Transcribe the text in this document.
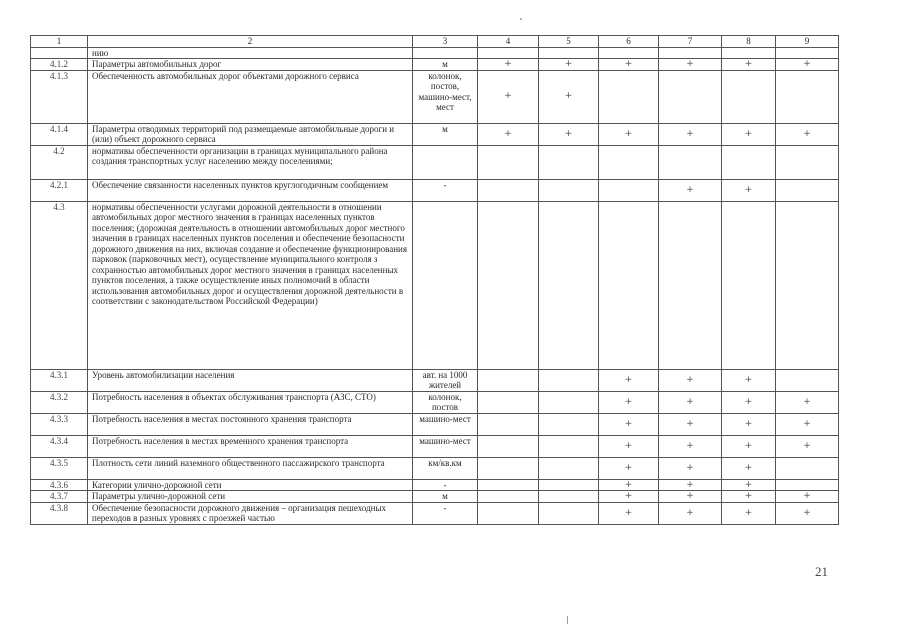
1	2	3	4	5	6	7	8	9
	нию							
4.1.2	Параметры автомобильных дорог	м	+	+	+	+	+	+
4.1.3	Обеспеченность автомобильных дорог объектами дорожного сервиса	колонок, постов, машино-мест, мест	+	+				
4.1.4	Параметры отводимых территорий под размещаемые автомобильные дороги и (или) объект дорожного сервиса	м	+	+	+	+	+	+
4.2	нормативы обеспеченности организации в границах муниципального района создания транспортных услуг населению между поселениями;							
4.2.1	Обеспечение связанности населенных пунктов круглогодичным сообщением	-				+	+	
4.3	нормативы обеспеченности услугами дорожной деятельности в отношении автомобильных дорог местного значения в границах населенных пунктов поселения; (дорожная деятельность в отношении автомобильных дорог местного значения в границах населенных пунктов поселения и обеспечение безопасности дорожного движения на них, включая создание и обеспечение функционирования парковок (парковочных мест), осуществление муниципального контроля з сохранностью автомобильных дорог местного значения в границах населенных пунктов поселения, а также осуществление иных полномочий в области использования автомобильных дорог и осуществления дорожной деятельности в соответствии с законодательством Российской Федерации)							
4.3.1	Уровень автомобилизации населения	авт. на 1000 жителей			+	+	+	
4.3.2	Потребность населения в объектах обслуживания транспорта (АЗС, СТО)	колонок, постов			+	+	+	+
4.3.3	Потребность населения в местах постоянного хранения транспорта	машино-мест			+	+	+	+
4.3.4	Потребность населения в местах временного хранения транспорта	машино-мест			+	+	+	+
4.3.5	Плотность сети линий наземного общественного пассажирского транспорта	км/кв.км			+	+	+	
4.3.6	Категории улично-дорожной сети	-			+	+	+	
4.3.7	Параметры улично-дорожной сети	м			+	+	+	+
4.3.8	Обеспечение безопасности дорожного движения – организация пешеходных переходов в разных уровнях с проезжей частью	-			+	+	+	+
21
